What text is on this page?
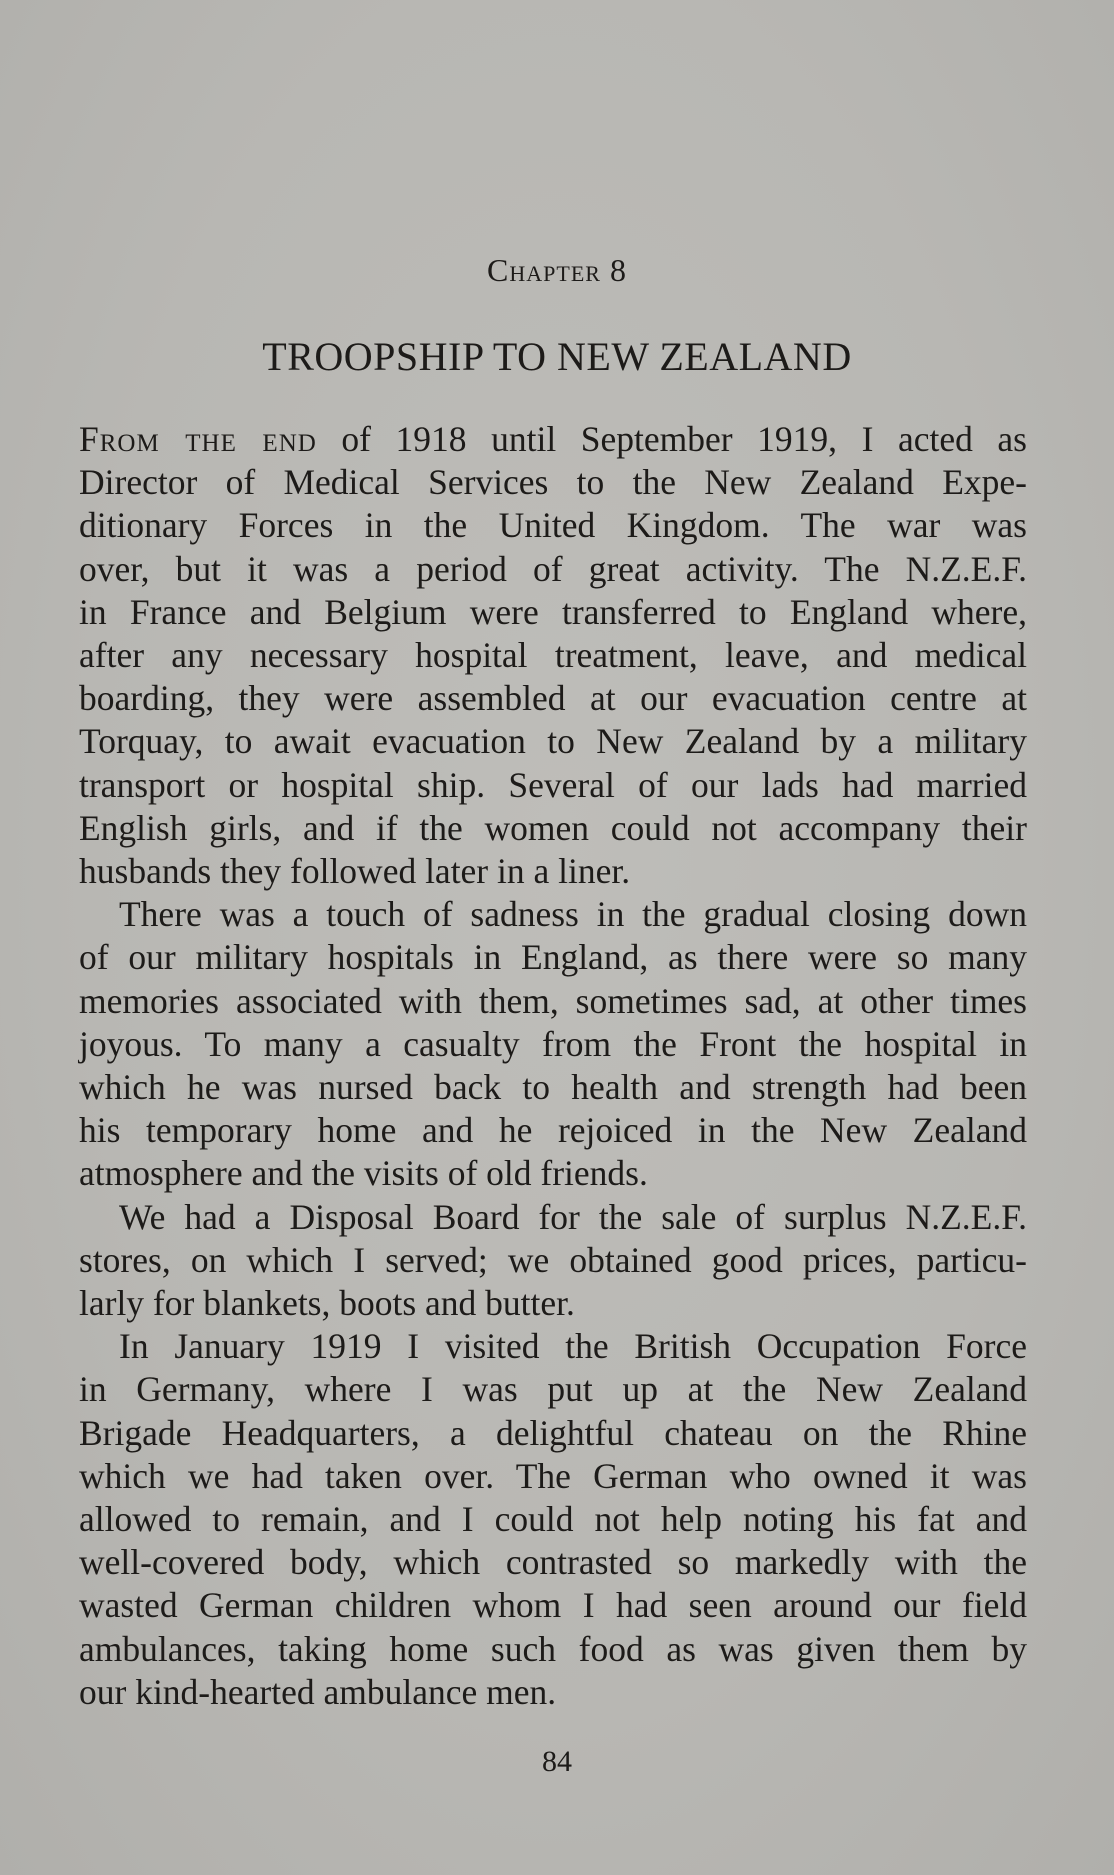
Chapter 8
TROOPSHIP TO NEW ZEALAND
From the end of 1918 until September 1919, I acted as
Director of Medical Services to the New Zealand Expe-
ditionary Forces in the United Kingdom. The war was
over, but it was a period of great activity. The N.Z.E.F.
in France and Belgium were transferred to England where,
after any necessary hospital treatment, leave, and medical
boarding, they were assembled at our evacuation centre at
Torquay, to await evacuation to New Zealand by a military
transport or hospital ship. Several of our lads had married
English girls, and if the women could not accompany their
husbands they followed later in a liner.
There was a touch of sadness in the gradual closing down
of our military hospitals in England, as there were so many
memories associated with them, sometimes sad, at other times
joyous. To many a casualty from the Front the hospital in
which he was nursed back to health and strength had been
his temporary home and he rejoiced in the New Zealand
atmosphere and the visits of old friends.
We had a Disposal Board for the sale of surplus N.Z.E.F.
stores, on which I served; we obtained good prices, particu-
larly for blankets, boots and butter.
In January 1919 I visited the British Occupation Force
in Germany, where I was put up at the New Zealand
Brigade Headquarters, a delightful chateau on the Rhine
which we had taken over. The German who owned it was
allowed to remain, and I could not help noting his fat and
well-covered body, which contrasted so markedly with the
wasted German children whom I had seen around our field
ambulances, taking home such food as was given them by
our kind-hearted ambulance men.
84
